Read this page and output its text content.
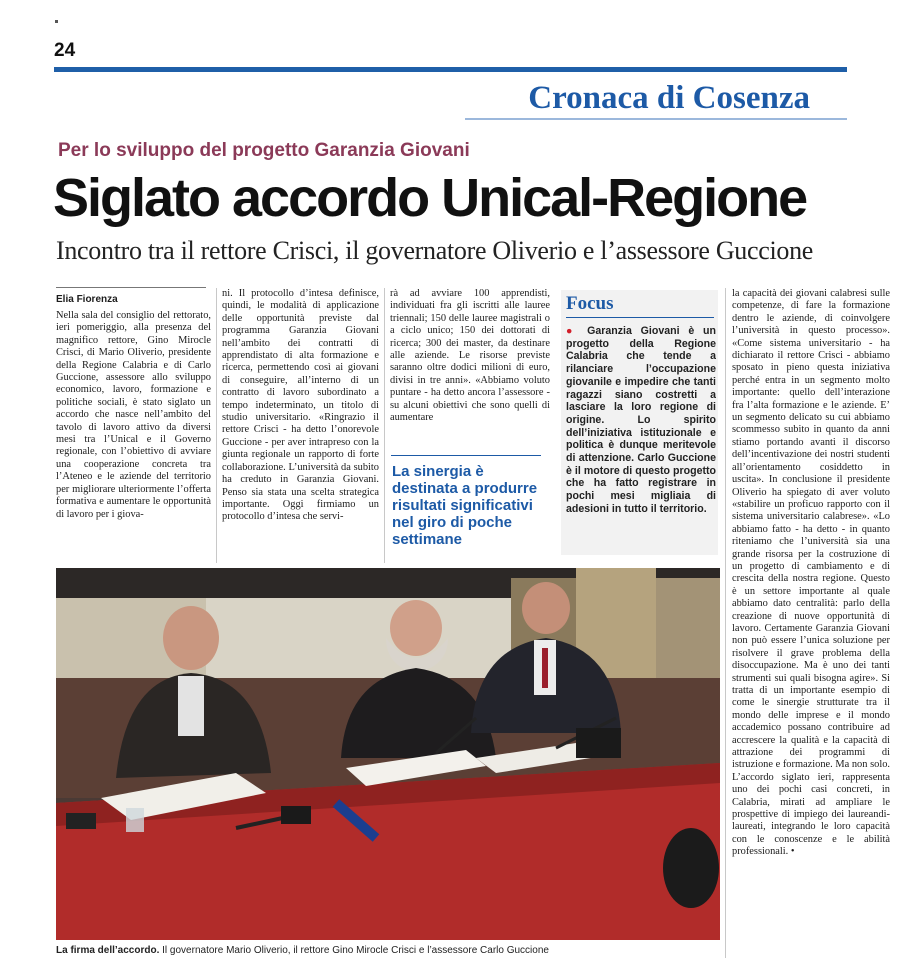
24
Cronaca di Cosenza
Per lo sviluppo del progetto Garanzia Giovani
Siglato accordo Unical-Regione
Incontro tra il rettore Crisci, il governatore Oliverio e l’assessore Guccione
Elia Fiorenza
Nella sala del consiglio del rettorato, ieri pomeriggio, alla presenza del magnifico rettore, Gino Mirocle Crisci, di Mario Oliverio, presidente della Regione Calabria e di Carlo Guccione, assessore allo sviluppo economico, lavoro, formazione e politiche sociali, è stato siglato un accordo che nasce nell’ambito del tavolo di lavoro attivo da diversi mesi tra l’Unical e il Governo regionale, con l’obiettivo di avviare una cooperazione concreta tra l’Ateneo e le aziende del territorio per migliorare ulteriormente l’offerta formativa e aumentare le opportunità di lavoro per i giova-
ni. Il protocollo d’intesa definisce, quindi, le modalità di applicazione delle opportunità previste dal programma Garanzia Giovani nell’ambito dei contratti di apprendistato di alta formazione e ricerca, permettendo così ai giovani di conseguire, all’interno di un contratto di lavoro subordinato a tempo indeterminato, un titolo di studio universitario. «Ringrazio il rettore Crisci - ha detto l’onorevole Guccione - per aver intrapreso con la giunta regionale un rapporto di forte collaborazione. L’università da subito ha creduto in Garanzia Giovani. Penso sia stata una scelta strategica importante. Oggi firmiamo un protocollo d’intesa che servi-
rà ad avviare 100 apprendisti, individuati fra gli iscritti alle lauree triennali; 150 delle lauree magistrali o a ciclo unico; 150 dei dottorati di ricerca; 300 dei master, da destinare alle aziende. Le risorse previste saranno oltre dodici milioni di euro, divisi in tre anni». «Abbiamo voluto puntare - ha detto ancora l’assessore - su alcuni obiettivi che sono quelli di aumentare
La sinergia è destinata a produrre risultati significativi nel giro di poche settimane
Focus
● Garanzia Giovani è un progetto della Regione Calabria che tende a rilanciare l’occupazione giovanile e impedire che tanti ragazzi siano costretti a lasciare la loro regione di origine. Lo spirito dell’iniziativa istituzionale e politica è dunque meritevole di attenzione. Carlo Guccione è il motore di questo progetto che ha fatto registrare in pochi mesi migliaia di adesioni in tutto il territorio.
la capacità dei giovani calabresi sulle competenze, di fare la formazione dentro le aziende, di coinvolgere l’università in questo processo». «Come sistema universitario - ha dichiarato il rettore Crisci - abbiamo sposato in pieno questa iniziativa perché entra in un segmento molto importante: quello dell’interazione fra l’alta formazione e le aziende. E’ un segmento delicato su cui abbiamo scommesso subito in quanto da anni stiamo portando avanti il discorso dell’incentivazione dei nostri studenti all’orientamento cosiddetto in uscita». In conclusione il presidente Oliverio ha spiegato di aver voluto «stabilire un proficuo rapporto con il sistema universitario calabrese». «Lo abbiamo fatto - ha detto - in quanto riteniamo che l’università sia una grande risorsa per la costruzione di un progetto di cambiamento e di crescita della nostra regione. Questo è un settore importante al quale abbiamo dato centralità: parlo della creazione di nuove opportunità di lavoro. Certamente Garanzia Giovani non può essere l’unica soluzione per risolvere il grave problema della disoccupazione. Ma è uno dei tanti strumenti sui quali bisogna agire». Si tratta di un importante esempio di come le sinergie strutturate tra il mondo delle imprese e il mondo accademico possano contribuire ad accrescere la qualità e la capacità di attrazione dei programmi di istruzione e formazione. Ma non solo. L’accordo siglato ieri, rappresenta uno dei pochi casi concreti, in Calabria, mirati ad ampliare le prospettive di impiego dei laureandi-laureati, integrando le loro capacità con le conoscenze e le abilità professionali. •
La firma dell’accordo. Il governatore Mario Oliverio, il rettore Gino Mirocle Crisci e l’assessore Carlo Guccione
